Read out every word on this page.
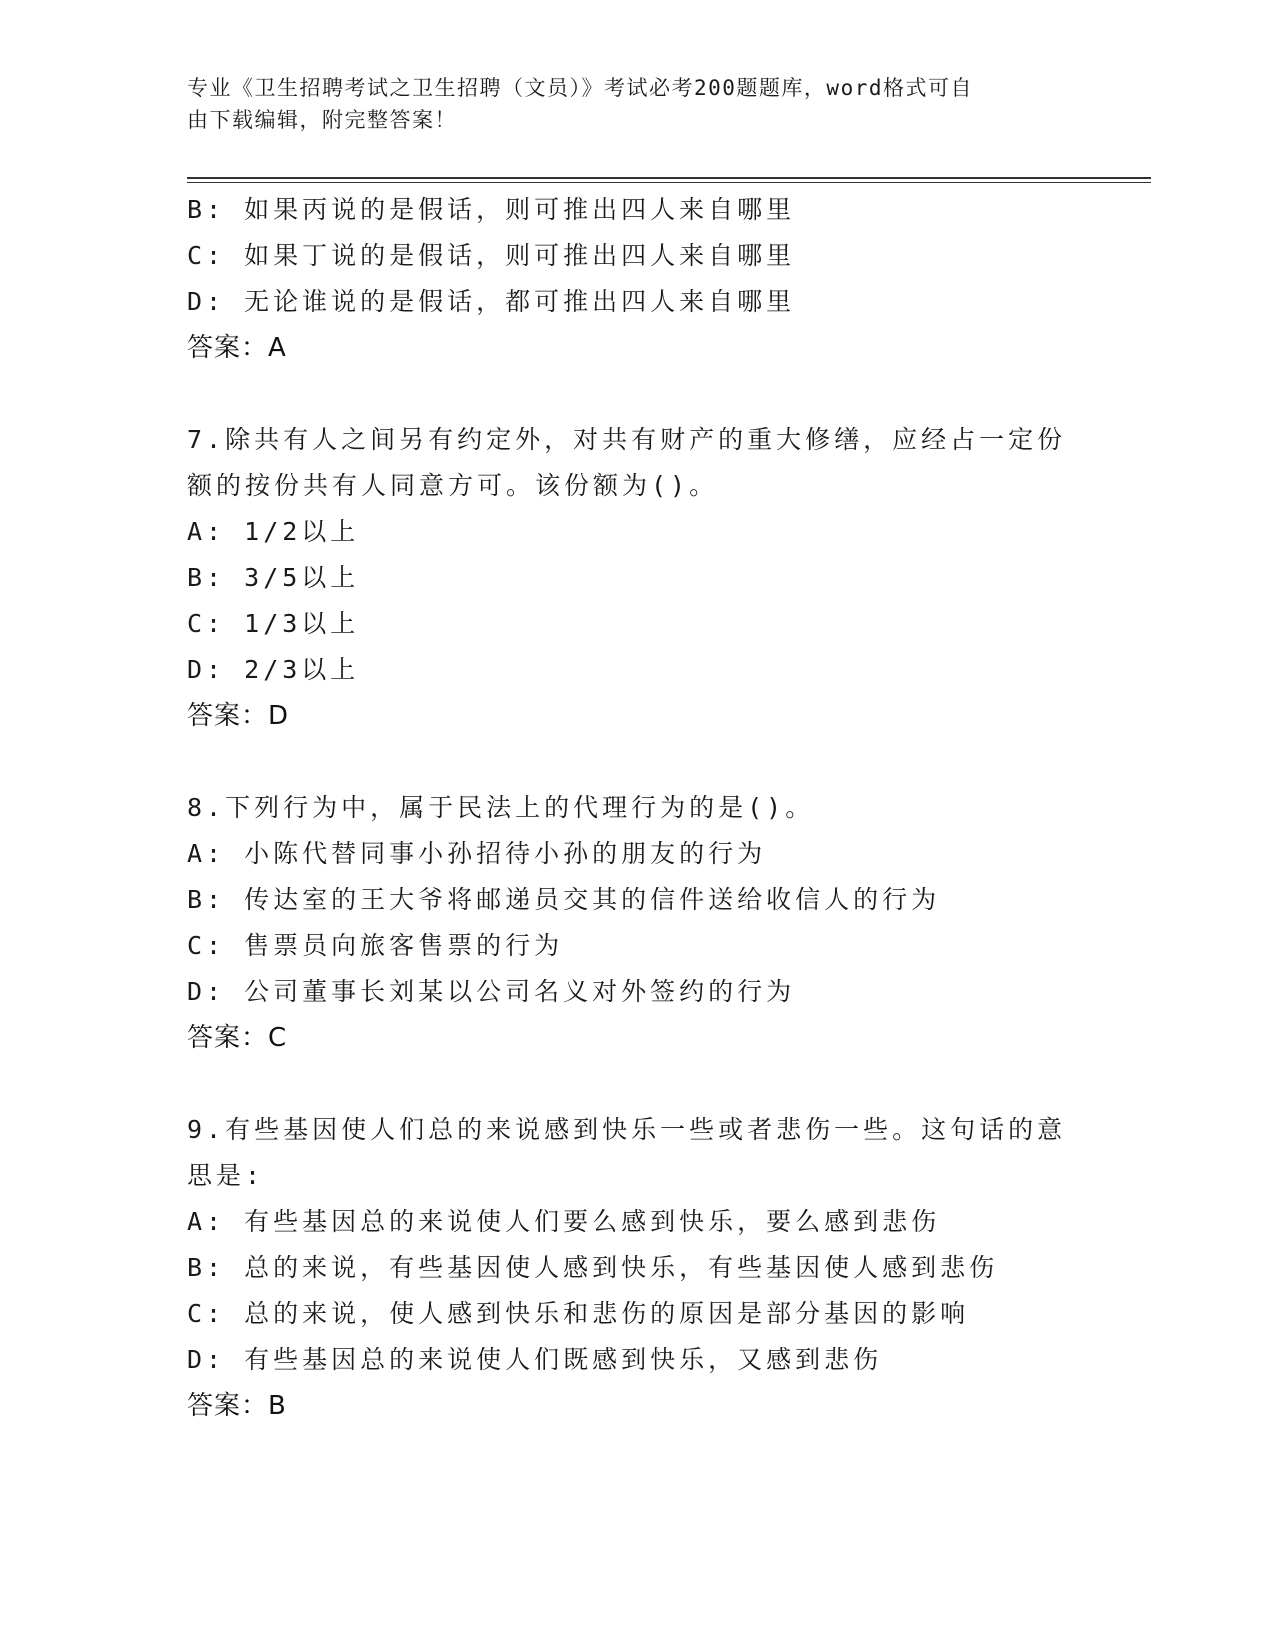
专业《卫生招聘考试之卫生招聘（文员）》考试必考200题题库，word格式可自
由下载编辑，附完整答案！
B: 如果丙说的是假话，则可推出四人来自哪里
C: 如果丁说的是假话，则可推出四人来自哪里
D: 无论谁说的是假话，都可推出四人来自哪里
答案：A
7.除共有人之间另有约定外，对共有财产的重大修缮，应经占一定份
额的按份共有人同意方可。该份额为()。
A: 1/2以上
B: 3/5以上
C: 1/3以上
D: 2/3以上
答案：D
8.下列行为中，属于民法上的代理行为的是()。
A: 小陈代替同事小孙招待小孙的朋友的行为
B: 传达室的王大爷将邮递员交其的信件送给收信人的行为
C: 售票员向旅客售票的行为
D: 公司董事长刘某以公司名义对外签约的行为
答案：C
9.有些基因使人们总的来说感到快乐一些或者悲伤一些。这句话的意
思是:
A: 有些基因总的来说使人们要么感到快乐，要么感到悲伤
B: 总的来说，有些基因使人感到快乐，有些基因使人感到悲伤
C: 总的来说，使人感到快乐和悲伤的原因是部分基因的影响
D: 有些基因总的来说使人们既感到快乐，又感到悲伤
答案：B
